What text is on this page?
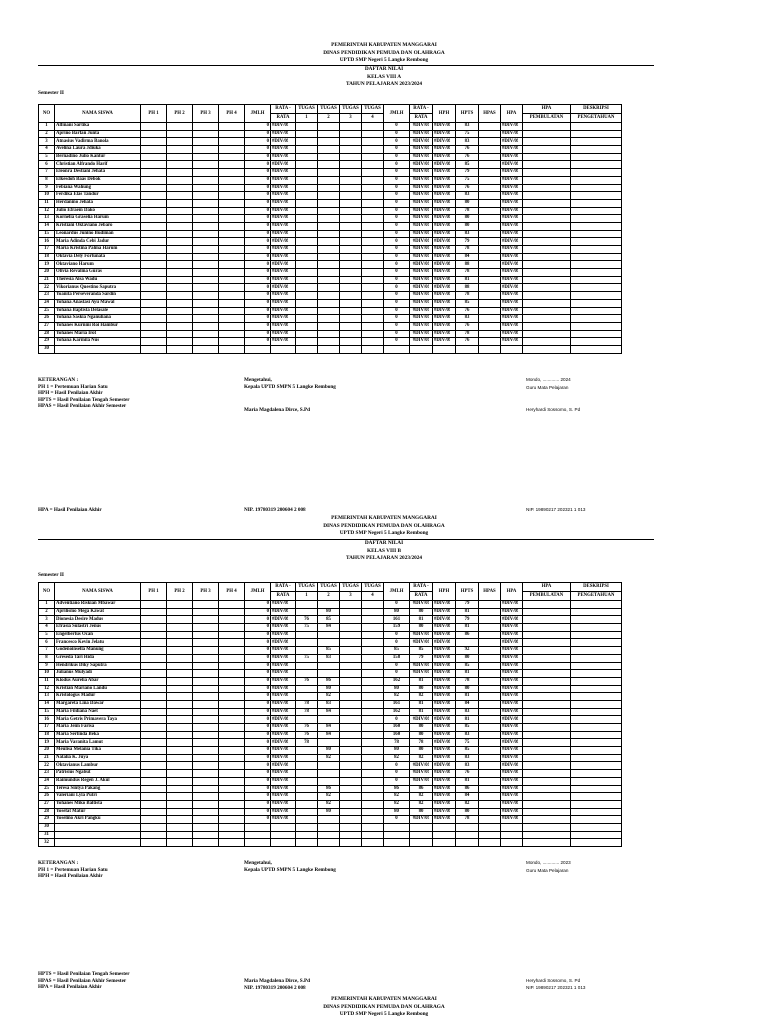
PEMERINTAH KABUPATEN MANGGARAI
DINAS PENDIDIKAN PEMUDA DAN OLAHRAGA
UPTD SMP Negeri 5 Langke Rembong
DAFTAR NILAI
KELAS VIII A
TAHUN PELAJARAN 2023/2024
Semester II
NO	NAMA SISWA	PH 1	PH 2	PH 3	PH 4	JMLH	RATA -	TUGAS	TUGAS	TUGAS	TUGAS	JMLH	RATA -	HPH	HPTS	HPAS	HPA	HPA	DESKRIPSI
							RATA	1	2	3	4		RATA					PEMBULATAN	PENGETAHUAN
1	Alfinani Sartika					0	#DIV/0!					0	#DIV/0!	#DIV/0!	83		#DIV/0!		
2	Aprino Barfan Junta					0	#DIV/0!					0	#DIV/0!	#DIV/0!	75		#DIV/0!		
3	Atnasius Vadirma Banola					0	#DIV/0!					0	#DIV/0!	#DIV/0!	83		#DIV/0!		
4	Avelina Laura Jdiuka					0	#DIV/0!					0	#DIV/0!	#DIV/0!	76		#DIV/0!		
5	Bernadino Julio Kantur					0	#DIV/0!					0	#DIV/0!	#DIV/0!	76		#DIV/0!		
6	Christian Alfrando Harif					0	#DIV/0!					0	#DIV/0!	#DIV/0!	85		#DIV/0!		
7	Eleonra Destiani Jehata					0	#DIV/0!					0	#DIV/0!	#DIV/0!	79		#DIV/0!		
8	Elkesdoh Baas Debok					0	#DIV/0!					0	#DIV/0!	#DIV/0!	75		#DIV/0!		
9	Febiana Wahung					0	#DIV/0!					0	#DIV/0!	#DIV/0!	76		#DIV/0!		
10	Ferdika Elas Tandur					0	#DIV/0!					0	#DIV/0!	#DIV/0!	83		#DIV/0!		
11	Herdanino Jehata					0	#DIV/0!					0	#DIV/0!	#DIV/0!	80		#DIV/0!		
12	Julio Efraem Dako					0	#DIV/0!					0	#DIV/0!	#DIV/0!	78		#DIV/0!		
13	Kornelia Graselia Harum					0	#DIV/0!					0	#DIV/0!	#DIV/0!	80		#DIV/0!		
14	Kristiani Oktaviano Jebaro					0	#DIV/0!					0	#DIV/0!	#DIV/0!	80		#DIV/0!		
15	Leonardus Junino Budiman					0	#DIV/0!					0	#DIV/0!	#DIV/0!	83		#DIV/0!		
16	Maria Adinda Cebi Jadur					0	#DIV/0!					0	#DIV/0!	#DIV/0!	79		#DIV/0!		
17	Maria Kristina Palma Harum					0	#DIV/0!					0	#DIV/0!	#DIV/0!	78		#DIV/0!		
18	Oktavia Dely Fortunata					0	#DIV/0!					0	#DIV/0!	#DIV/0!	84		#DIV/0!		
19	Oktaviano Harum					0	#DIV/0!					0	#DIV/0!	#DIV/0!	88		#DIV/0!		
20	Olivia Revalina Guras					0	#DIV/0!					0	#DIV/0!	#DIV/0!	78		#DIV/0!		
21	Theresia Alsa Wadu					0	#DIV/0!					0	#DIV/0!	#DIV/0!	81		#DIV/0!		
22	Vikorianus Questino Saputra					0	#DIV/0!					0	#DIV/0!	#DIV/0!	88		#DIV/0!		
23	Yoanita Perseveranda Sardin					0	#DIV/0!					0	#DIV/0!	#DIV/0!	78		#DIV/0!		
24	Yohana Anastasi Ayu Mawal					0	#DIV/0!					0	#DIV/0!	#DIV/0!	85		#DIV/0!		
25	Yohana Baptista Delasale					0	#DIV/0!					0	#DIV/0!	#DIV/0!	76		#DIV/0!		
26	Yohana Saskia Nganuliana					0	#DIV/0!					0	#DIV/0!	#DIV/0!	83		#DIV/0!		
27	Yohanes Kurnini Roi Hambur					0	#DIV/0!					0	#DIV/0!	#DIV/0!	76		#DIV/0!		
28	Yohanes Maria Irot					0	#DIV/0!					0	#DIV/0!	#DIV/0!	78		#DIV/0!		
29	Yohana Karmila Nus					0	#DIV/0!					0	#DIV/0!	#DIV/0!	76		#DIV/0!		
30																			
KETERANGAN :
PH 1 = Pertemuan Harian Satu
HPH = Hasil Penilaian Akhir
HPTS = Hasil Penilaian Tengah Semester
HPAS = Hasil Penilaian Akhir Semester
Mengetahui,
Kepala UPTD SMPN 5 Langke Rembong
Maria Magdalena Dirce, S.Pd
Mondo, ............. 2024
Guru Mata Pelajaran
Heryhardi Sossomo, S. Pd
HPA = Hasil Penilaian Akhir	NIP. 19780319 200604 2 008	NIP. 19890217 202321 1 013
PEMERINTAH KABUPATEN MANGGARAI
DINAS PENDIDIKAN PEMUDA DAN OLAHRAGA
UPTD SMP Negeri 5 Langke Rembong
DAFTAR NILAI
KELAS VIII B
TAHUN PELAJARAN 2023/2024
Semester II
NO	NAMA SISWA	PH 1	PH 2	PH 3	PH 4	JMLH	RATA -	TUGAS	TUGAS	TUGAS	TUGAS	JMLH	RATA -	HPH	HPTS	HPAS	HPA	HPA	DESKRIPSI
							RATA	1	2	3	4		RATA					PEMBULATAN	PENGETAHUAN
1	Adventiano Riskian Mbawar					0	#DIV/0!					0	#DIV/0!	#DIV/0!	79		#DIV/0!		
2	Aprilismo Mega Kawat					0	#DIV/0!		80			80	80	#DIV/0!	81		#DIV/0!		
3	Dionesia Desire Madus					0	#DIV/0!	76	85			161	81	#DIV/0!	79		#DIV/0!		
4	Efrasia Sulastri Jenus					0	#DIV/0!	75	84			159	80	#DIV/0!	81		#DIV/0!		
5	Engelbertus Ocan					0	#DIV/0!					0	#DIV/0!	#DIV/0!	86		#DIV/0!		
6	Francesco Kevin Jelatu					0	#DIV/0!					0	#DIV/0!	#DIV/0!			#DIV/0!		
7	Godenoinsella Manung					0	#DIV/0!		85			85	85	#DIV/0!	92		#DIV/0!		
8	Greseda Tari Hida					0	#DIV/0!	75	83			158	79	#DIV/0!	80		#DIV/0!		
9	Hendrikus Diky Saputra					0	#DIV/0!					0	#DIV/0!	#DIV/0!	85		#DIV/0!		
10	Julianus Mulyadi					0	#DIV/0!					0	#DIV/0!	#DIV/0!	81		#DIV/0!		
11	Klodus Aurelia Abar					0	#DIV/0!	76	86			162	81	#DIV/0!	78		#DIV/0!		
12	Kristian Mariano Landu					0	#DIV/0!		80			80	80	#DIV/0!	80		#DIV/0!		
13	Kristologus Madur					0	#DIV/0!		82			82	82	#DIV/0!	81		#DIV/0!		
14	Margareta Lina Dawar					0	#DIV/0!	78	83			161	81	#DIV/0!	84		#DIV/0!		
15	Maria Fildiana Naet					0	#DIV/0!	78	84			162	81	#DIV/0!	83		#DIV/0!		
16	Maria Getris Primavera Taya					0	#DIV/0!					0	#DIV/0!	#DIV/0!	81		#DIV/0!		
17	Maria Jeim Farisa					0	#DIV/0!	76	84			160	80	#DIV/0!	85		#DIV/0!		
18	Maria Serlinda Beka					0	#DIV/0!	76	84			160	80	#DIV/0!	83		#DIV/0!		
19	Maria Varanita Lamut					0	#DIV/0!	78				78	78	#DIV/0!	75		#DIV/0!		
20	Meulisa Melania Tika					0	#DIV/0!		80			80	80	#DIV/0!	85		#DIV/0!		
21	Natalia K. Juya					0	#DIV/0!		82			82	82	#DIV/0!	83		#DIV/0!		
22	Oktavianus Lambur					0	#DIV/0!					0	#DIV/0!	#DIV/0!	83		#DIV/0!		
23	Patrisius Ngabut					0	#DIV/0!					0	#DIV/0!	#DIV/0!	76		#DIV/0!		
24	Raimundus Regen J. Akul					0	#DIV/0!					0	#DIV/0!	#DIV/0!	81		#DIV/0!		
25	Teresa Sintya Pakang					0	#DIV/0!		86			86	86	#DIV/0!	86		#DIV/0!		
26	Valeriani Lyla Putri					0	#DIV/0!		82			82	82	#DIV/0!	84		#DIV/0!		
27	Yohanes Miko Baltista					0	#DIV/0!		82			82	82	#DIV/0!	82		#DIV/0!		
28	Yosefat Matur					0	#DIV/0!		80			80	80	#DIV/0!	80		#DIV/0!		
29	Yoselino Akri Pangku					0	#DIV/0!					0	#DIV/0!	#DIV/0!	78		#DIV/0!		
30																			
31																			
32																			
KETERANGAN :
PH 1 = Pertemuan Harian Satu
HPH = Hasil Penilaian Akhir
Mengetahui,
Kepala UPTD SMPN 5 Langke Rembong
Mondo, ............. 2023
Guru Mata Pelajaran
HPTS = Hasil Penilaian Tengah Semester
HPAS = Hasil Penilaian Akhir Semester
HPA = Hasil Penilaian Akhir
Maria Magdalena Dirce, S.Pd
NIP. 19780319 200604 2 008
Heryhardi Sossomo, S. Pd
NIP. 19890217 202321 1 013
PEMERINTAH KABUPATEN MANGGARAI
DINAS PENDIDIKAN PEMUDA DAN OLAHRAGA
UPTD SMP Negeri 5 Langke Rembong
